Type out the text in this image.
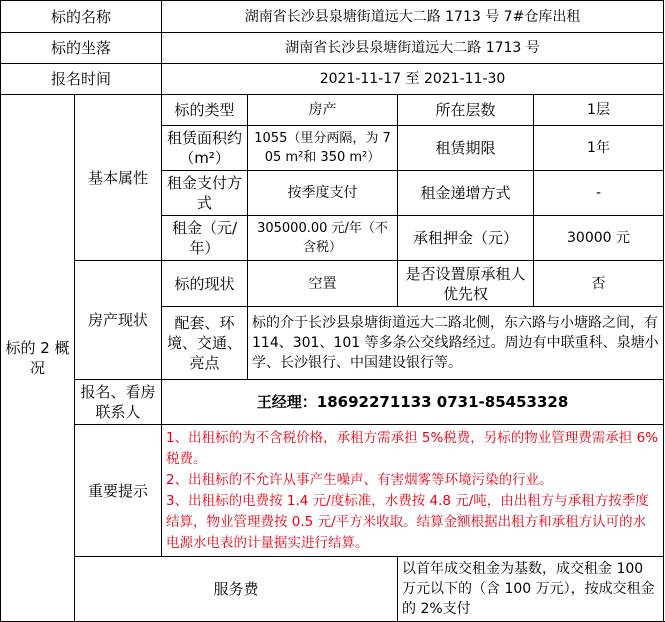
标的名称		湖南省长沙县泉塘街道远大二路 1713 号 7#仓库出租			
标的坐落		湖南省长沙县泉塘街道远大二路 1713 号			
报名时间		2021-11-17 至 2021-11-30			
标的 2 概况	基本属性	标的类型	房产	所在层数	1层
		租赁面积约（m²）	1055（里分两隔，为 705 m²和 350 m²）	租赁期限	1年
		租金支付方式	按季度支付	租金递增方式	-
		租金（元/年）	305000.00 元/年（不含税）	承租押金（元）	30000 元
	房产现状	标的现状	空置	是否设置原承租人优先权	否
		配套、环境、交通、亮点	标的介于长沙县泉塘街道远大二路北侧，东六路与小塘路之间，有 114、301、101 等多条公交线路经过。周边有中联重科、泉塘小学、长沙银行、中国建设银行等。		
	报名、看房联系人	王经理：18692271133 0731-85453328			
	重要提示	1、出租标的为不含税价格，承租方需承担 5%税费，另标的物业管理费需承担 6%税费。
2、出租标的不允许从事产生噪声、有害烟雾等环境污染的行业。
3、出租标的电费按 1.4 元/度标准，水费按 4.8 元/吨，由出租方与承租方按季度结算，物业管理费按 0.5 元/平方米收取。结算金额根据出租方和承租方认可的水电源水电表的计量据实进行结算。			

	服务费			以首年成交租金为基数，成交租金 100 万元以下的（含 100 万元），按成交租金的 2%支付	
